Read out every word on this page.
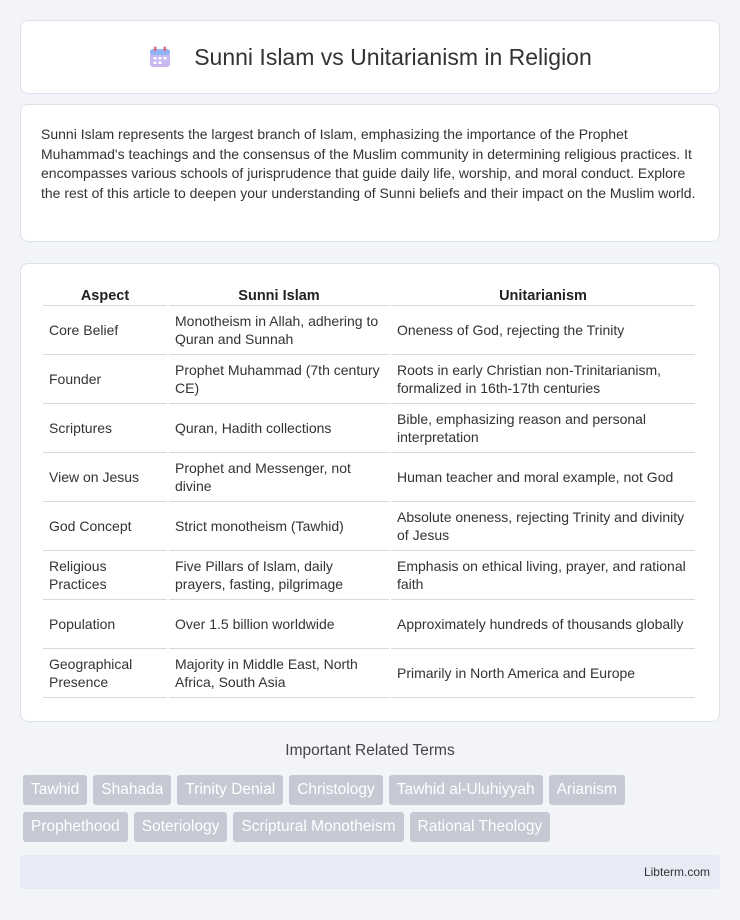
Sunni Islam vs Unitarianism in Religion

Sunni Islam represents the largest branch of Islam, emphasizing the importance of the Prophet Muhammad's teachings and the consensus of the Muslim community in determining religious practices. It encompasses various schools of jurisprudence that guide daily life, worship, and moral conduct. Explore the rest of this article to deepen your understanding of Sunni beliefs and their impact on the Muslim world.

Aspect	Sunni Islam	Unitarianism
Core Belief	Monotheism in Allah, adhering to Quran and Sunnah	Oneness of God, rejecting the Trinity
Founder	Prophet Muhammad (7th century CE)	Roots in early Christian non-Trinitarianism, formalized in 16th-17th centuries
Scriptures	Quran, Hadith collections	Bible, emphasizing reason and personal interpretation
View on Jesus	Prophet and Messenger, not divine	Human teacher and moral example, not God
God Concept	Strict monotheism (Tawhid)	Absolute oneness, rejecting Trinity and divinity of Jesus
Religious Practices	Five Pillars of Islam, daily prayers, fasting, pilgrimage	Emphasis on ethical living, prayer, and rational faith
Population	Over 1.5 billion worldwide	Approximately hundreds of thousands globally
Geographical Presence	Majority in Middle East, North Africa, South Asia	Primarily in North America and Europe
Important Related Terms
Tawhid	Shahada	Trinity Denial	Christology	Tawhid al-Uluhiyyah	Arianism
Prophethood	Soteriology	Scriptural Monotheism	Rational Theology
Libterm.com
